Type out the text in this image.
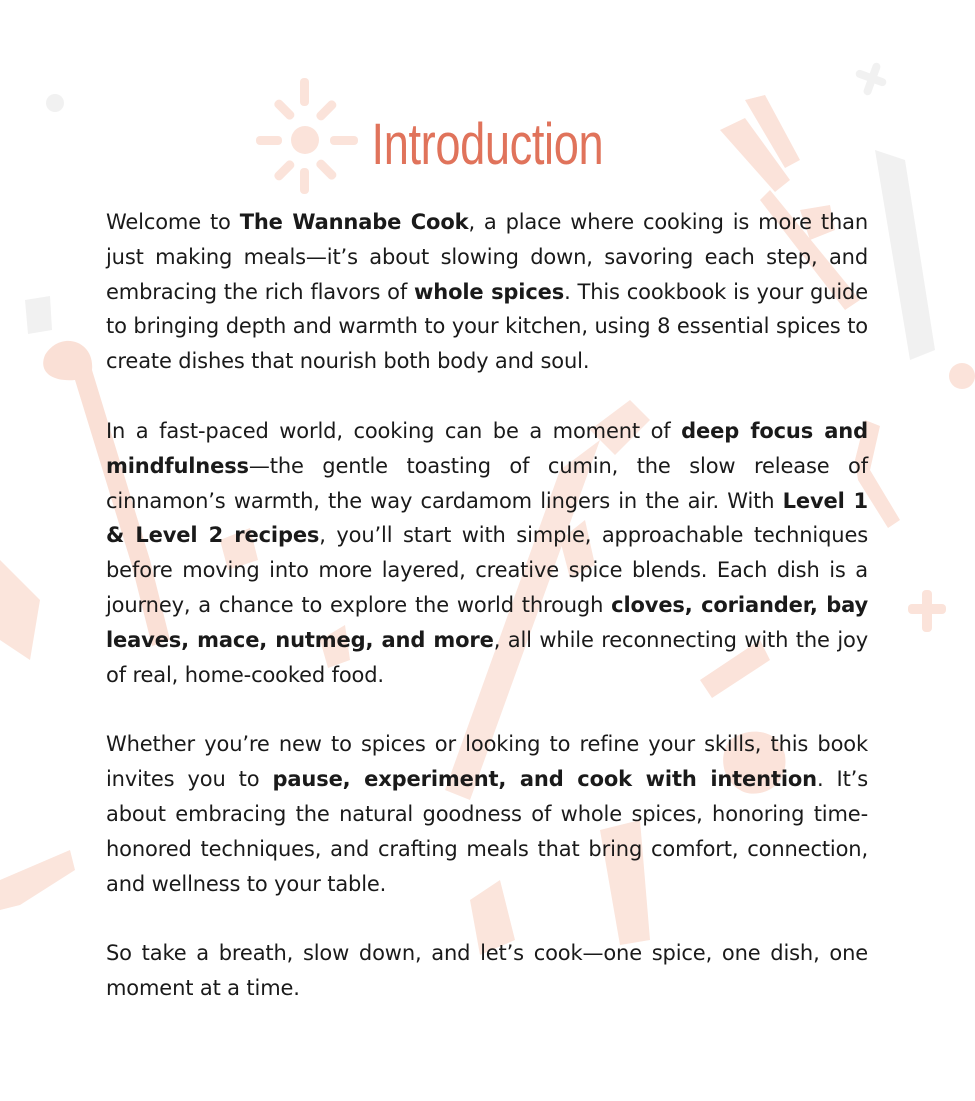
Introduction

Welcome to The Wannabe Cook, a place where cooking is more than just making meals—it’s about slowing down, savoring each step, and embracing the rich flavors of whole spices. This cookbook is your guide to bringing depth and warmth to your kitchen, using 8 essential spices to create dishes that nourish both body and soul.

In a fast-paced world, cooking can be a moment of deep focus and mindfulness—the gentle toasting of cumin, the slow release of cinnamon’s warmth, the way cardamom lingers in the air. With Level 1 & Level 2 recipes, you’ll start with simple, approachable techniques before moving into more layered, creative spice blends. Each dish is a journey, a chance to explore the world through cloves, coriander, bay leaves, mace, nutmeg, and more, all while reconnecting with the joy of real, home-cooked food.

Whether you’re new to spices or looking to refine your skills, this book invites you to pause, experiment, and cook with intention. It’s about embracing the natural goodness of whole spices, honoring time-honored techniques, and crafting meals that bring comfort, connection, and wellness to your table.

So take a breath, slow down, and let’s cook—one spice, one dish, one moment at a time.
